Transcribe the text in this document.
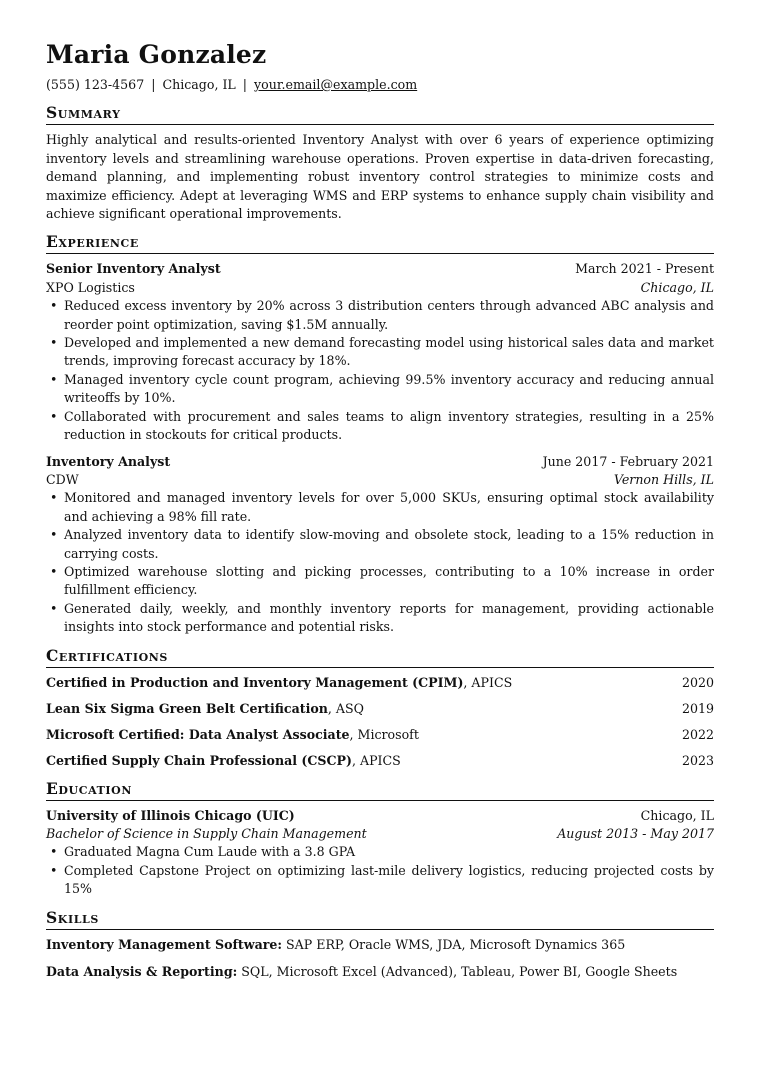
Maria Gonzalez
(555) 123-4567 | Chicago, IL | your.email@example.com
Summary

Highly analytical and results-oriented Inventory Analyst with over 6 years of experience optimizing inventory levels and streamlining warehouse operations. Proven expertise in data-driven forecasting, demand planning, and implementing robust inventory control strategies to minimize costs and maximize efficiency. Adept at leveraging WMS and ERP systems to enhance supply chain visibility and achieve significant operational improvements.

Experience
Senior Inventory Analyst	March 2021 - Present
XPO Logistics	Chicago, IL
• Reduced excess inventory by 20% across 3 distribution centers through advanced ABC analysis and reorder point optimization, saving $1.5M annually.
• Developed and implemented a new demand forecasting model using historical sales data and market trends, improving forecast accuracy by 18%.
• Managed inventory cycle count program, achieving 99.5% inventory accuracy and reducing annual writeoffs by 10%.
• Collaborated with procurement and sales teams to align inventory strategies, resulting in a 25% reduction in stockouts for critical products.
Inventory Analyst	June 2017 - February 2021
CDW	Vernon Hills, IL
• Monitored and managed inventory levels for over 5,000 SKUs, ensuring optimal stock availability and achieving a 98% fill rate.
• Analyzed inventory data to identify slow-moving and obsolete stock, leading to a 15% reduction in carrying costs.
• Optimized warehouse slotting and picking processes, contributing to a 10% increase in order fulfillment efficiency.
• Generated daily, weekly, and monthly inventory reports for management, providing actionable insights into stock performance and potential risks.
Certifications
Certified in Production and Inventory Management (CPIM), APICS	2020
Lean Six Sigma Green Belt Certification, ASQ	2019
Microsoft Certified: Data Analyst Associate, Microsoft	2022
Certified Supply Chain Professional (CSCP), APICS	2023
Education
University of Illinois Chicago (UIC)	Chicago, IL
Bachelor of Science in Supply Chain Management	August 2013 - May 2017
• Graduated Magna Cum Laude with a 3.8 GPA
• Completed Capstone Project on optimizing last-mile delivery logistics, reducing projected costs by 15%
Skills
Inventory Management Software: SAP ERP, Oracle WMS, JDA, Microsoft Dynamics 365
Data Analysis & Reporting: SQL, Microsoft Excel (Advanced), Tableau, Power BI, Google Sheets
